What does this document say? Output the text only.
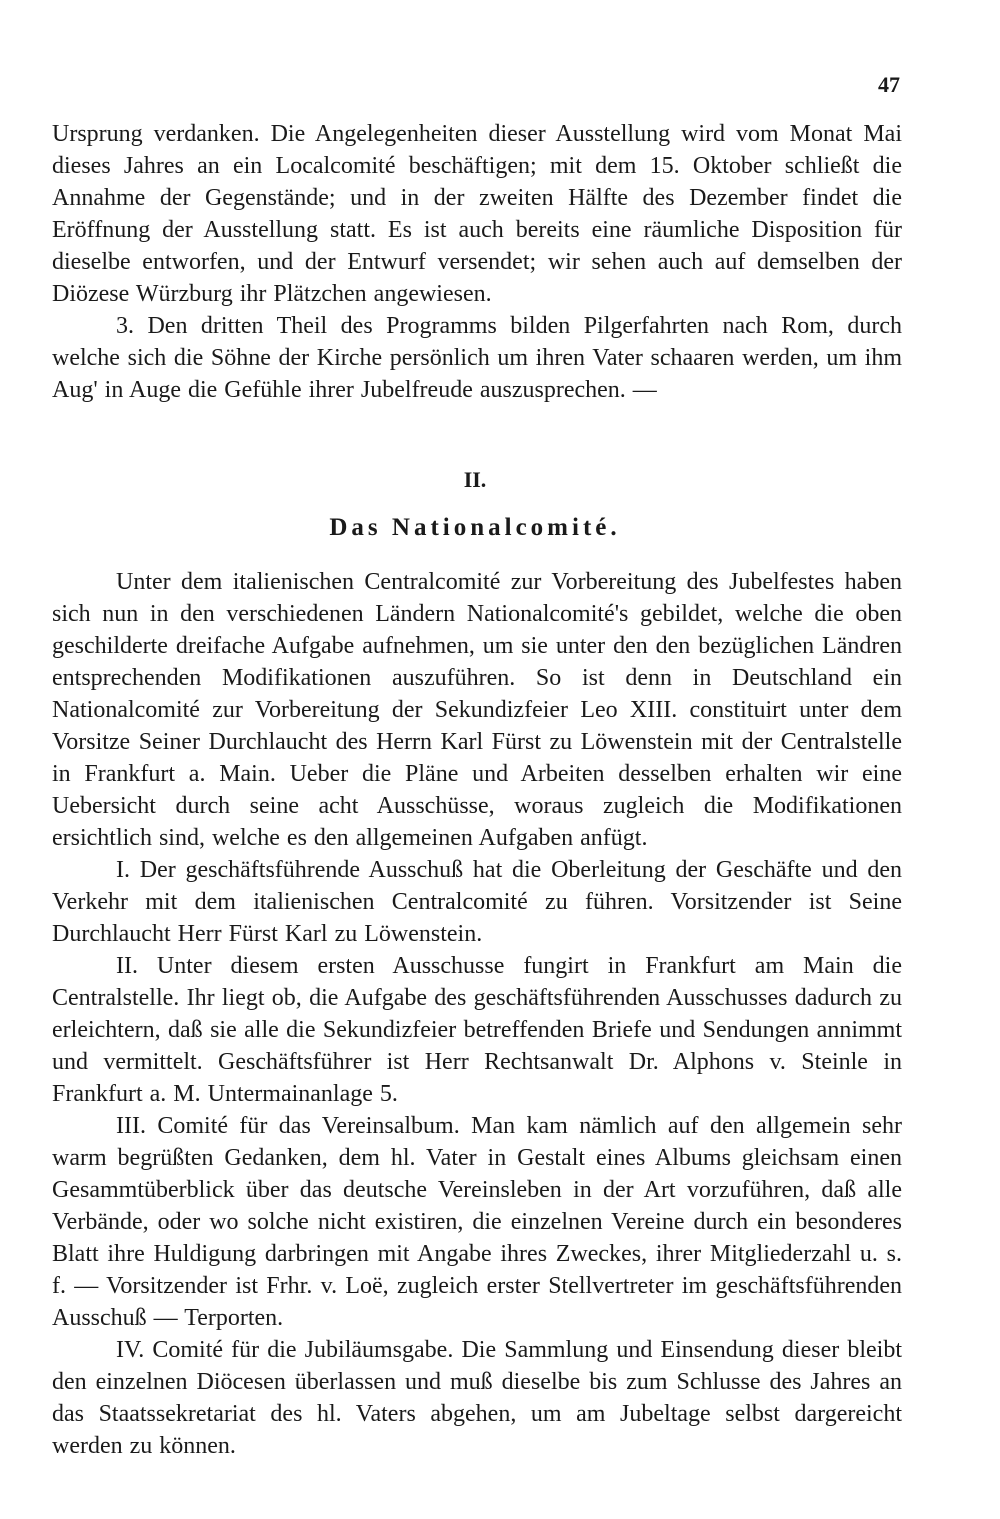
47

Ursprung verdanken. Die Angelegenheiten dieser Ausstellung wird vom Monat Mai dieses Jahres an ein Localcomité beschäftigen; mit dem 15. Oktober schließt die Annahme der Gegenstände; und in der zweiten Hälfte des Dezember findet die Eröffnung der Ausstellung statt. Es ist auch bereits eine räumliche Disposition für dieselbe entworfen, und der Entwurf versendet; wir sehen auch auf demselben der Diözese Würzburg ihr Plätzchen angewiesen.

3. Den dritten Theil des Programms bilden Pilgerfahrten nach Rom, durch welche sich die Söhne der Kirche persönlich um ihren Vater schaaren werden, um ihm Aug' in Auge die Gefühle ihrer Jubelfreude auszusprechen. —

II.
Das Nationalcomité.

Unter dem italienischen Centralcomité zur Vorbereitung des Jubelfestes haben sich nun in den verschiedenen Ländern Nationalcomité's gebildet, welche die oben geschilderte dreifache Aufgabe aufnehmen, um sie unter den den bezüglichen Ländren entsprechenden Modifikationen auszuführen. So ist denn in Deutschland ein Nationalcomité zur Vorbereitung der Sekundizfeier Leo XIII. constituirt unter dem Vorsitze Seiner Durchlaucht des Herrn Karl Fürst zu Löwenstein mit der Centralstelle in Frankfurt a. Main. Ueber die Pläne und Arbeiten desselben erhalten wir eine Uebersicht durch seine acht Ausschüsse, woraus zugleich die Modifikationen ersichtlich sind, welche es den allgemeinen Aufgaben anfügt.

I. Der geschäftsführende Ausschuß hat die Oberleitung der Geschäfte und den Verkehr mit dem italienischen Centralcomité zu führen. Vorsitzender ist Seine Durchlaucht Herr Fürst Karl zu Löwenstein.

II. Unter diesem ersten Ausschusse fungirt in Frankfurt am Main die Centralstelle. Ihr liegt ob, die Aufgabe des geschäftsführenden Ausschusses dadurch zu erleichtern, daß sie alle die Sekundizfeier betreffenden Briefe und Sendungen annimmt und vermittelt. Geschäftsführer ist Herr Rechtsanwalt Dr. Alphons v. Steinle in Frankfurt a. M. Untermainanlage 5.

III. Comité für das Vereinsalbum. Man kam nämlich auf den allgemein sehr warm begrüßten Gedanken, dem hl. Vater in Gestalt eines Albums gleichsam einen Gesammtüberblick über das deutsche Vereinsleben in der Art vorzuführen, daß alle Verbände, oder wo solche nicht existiren, die einzelnen Vereine durch ein besonderes Blatt ihre Huldigung darbringen mit Angabe ihres Zweckes, ihrer Mitgliederzahl u. s. f. — Vorsitzender ist Frhr. v. Loë, zugleich erster Stellvertreter im geschäftsführenden Ausschuß — Terporten.

IV. Comité für die Jubiläumsgabe. Die Sammlung und Einsendung dieser bleibt den einzelnen Diöcesen überlassen und muß dieselbe bis zum Schlusse des Jahres an das Staatssekretariat des hl. Vaters abgehen, um am Jubeltage selbst dargereicht werden zu können.
